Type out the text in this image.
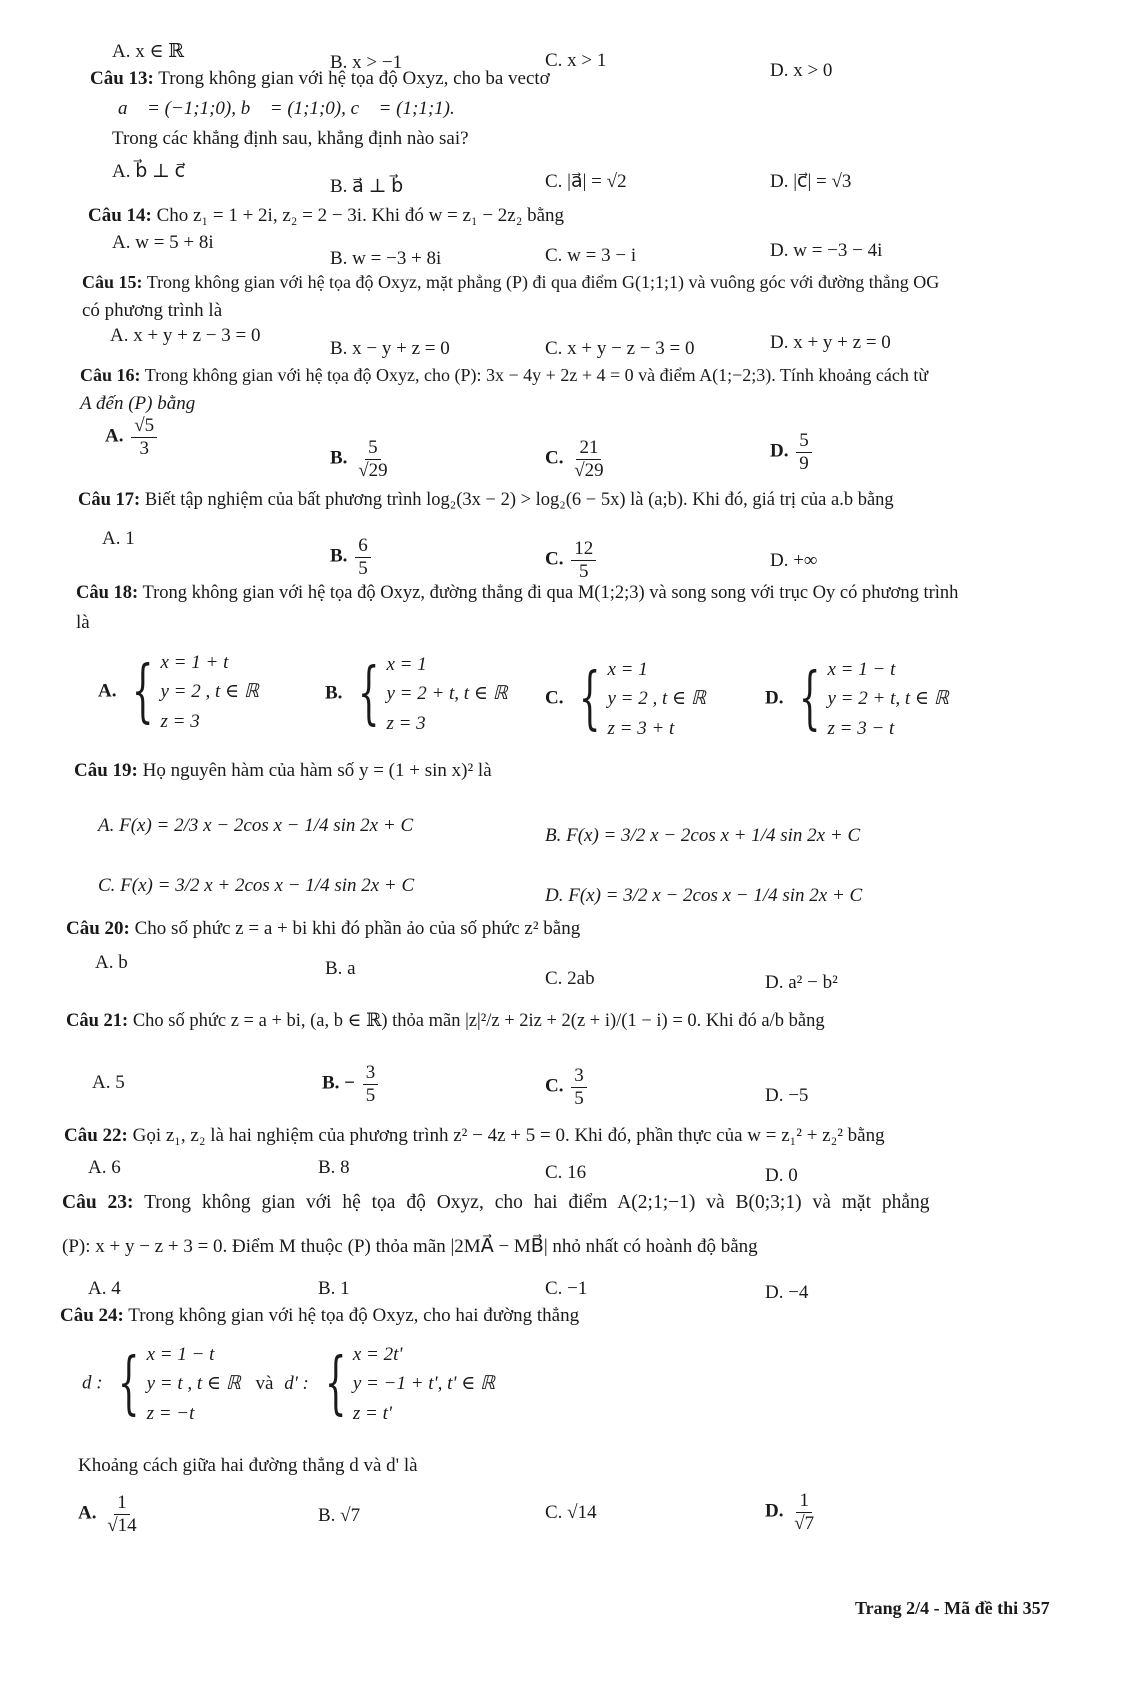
A. x ∈ ℝ
B. x > −1	C. x > 1	D. x > 0
Câu 13: Trong không gian với hệ tọa độ Oxyz, cho ba vectơ
a⃗ = (−1;1;0), b⃗ = (1;1;0), c⃗ = (1;1;1).
Trong các khẳng định sau, khẳng định nào sai?
A. b⃗ ⊥ c⃗
B. a⃗ ⊥ b⃗	C. |a⃗| = √2	D. |c⃗| = √3
Câu 14: Cho z₁ = 1 + 2i, z₂ = 2 − 3i. Khi đó w = z₁ − 2z₂ bằng
A. w = 5 + 8i
B. w = −3 + 8i	C. w = 3 − i	D. w = −3 − 4i
Câu 15: Trong không gian với hệ tọa độ Oxyz, mặt phẳng (P) đi qua điểm G(1;1;1) và vuông góc với đường thẳng OG
có phương trình là
A. x + y + z − 3 = 0
B. x − y + z = 0	C. x + y − z − 3 = 0	D. x + y + z = 0
Câu 16: Trong không gian với hệ tọa độ Oxyz, cho (P): 3x − 4y + 2z + 4 = 0 và điểm A(1;−2;3). Tính khoảng cách từ
A đến (P) bằng
A. $\frac{√5}{3}$	B. $\frac{5}{√29}$	C. $\frac{21}{√29}$	D. $\frac{5}{9}$
Câu 17: Biết tập nghiệm của bất phương trình log₂(3x − 2) > log₂(6 − 5x) là (a;b). Khi đó, giá trị của a.b bằng
A. 1
B. $\frac{6}{5}$	C. $\frac{12}{5}$	D. +∞
Câu 18: Trong không gian với hệ tọa độ Oxyz, đường thẳng đi qua M(1;2;3) và song song với trục Oy có phương trình
là
A. { x = 1 + t
y = 2 , t ∈ ℝ
z = 3
B. { x = 1
y = 2 + t, t ∈ ℝ
z = 3
C. { x = 1
y = 2 , t ∈ ℝ
z = 3 + t
D. { x = 1 − t
y = 2 + t, t ∈ ℝ
z = 3 − t
Câu 19: Họ nguyên hàm của hàm số y = (1 + sin x)² là
A. F(x) = 2/3 x − 2cos x − 1/4 sin 2x + C	B. F(x) = 3/2 x − 2cos x + 1/4 sin 2x + C
C. F(x) = 3/2 x + 2cos x − 1/4 sin 2x + C	D. F(x) = 3/2 x − 2cos x − 1/4 sin 2x + C
Câu 20: Cho số phức z = a + bi khi đó phần ảo của số phức z² bằng
A. b	B. a	C. 2ab	D. a² − b²
Câu 21: Cho số phức z = a + bi, (a, b ∈ ℝ) thỏa mãn |z|²/z + 2iz + 2(z + i)/(1 − i) = 0. Khi đó a/b bằng
A. 5	B. − $\frac{3}{5}$	C. $\frac{3}{5}$	D. −5
Câu 22: Gọi z₁, z₂ là hai nghiệm của phương trình z² − 4z + 5 = 0. Khi đó, phần thực của w = z₁² + z₂² bằng
A. 6	B. 8	C. 16	D. 0
Câu 23: Trong không gian với hệ tọa độ Oxyz, cho hai điểm A(2;1;−1) và B(0;3;1) và mặt phẳng
(P): x + y − z + 3 = 0. Điểm M thuộc (P) thỏa mãn |2MA⃗ − MB⃗| nhỏ nhất có hoành độ bằng
A. 4	B. 1	C. −1	D. −4
Câu 24: Trong không gian với hệ tọa độ Oxyz, cho hai đường thẳng
d : { x = 1 − t
y = t , t ∈ ℝ
z = −t
và d' : { x = 2t'
y = −1 + t', t' ∈ ℝ
z = t'
Khoảng cách giữa hai đường thẳng d và d' là
A. $\frac{1}{√14}$	B. √7	C. √14	D. $\frac{1}{√7}$
Trang 2/4 - Mã đề thi 357
